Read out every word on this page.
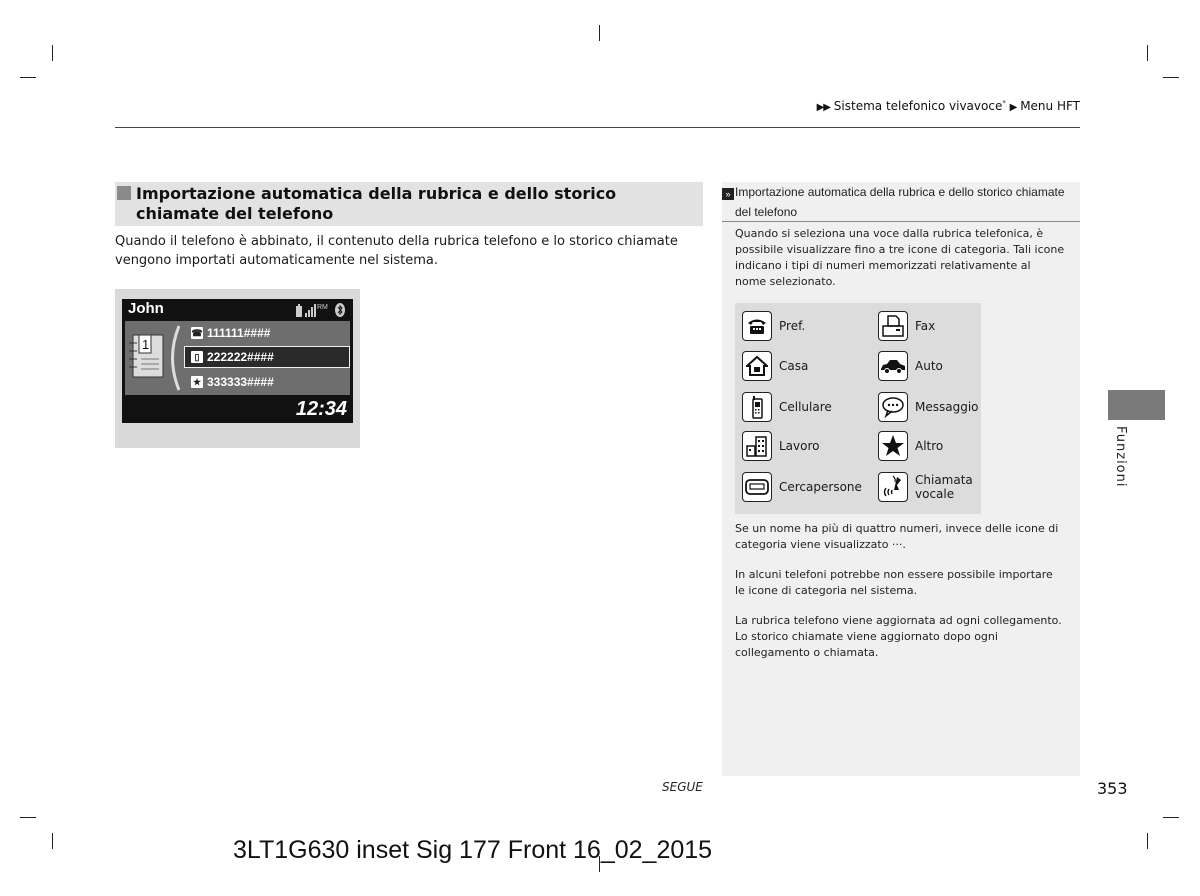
▶▶ Sistema telefonico vivavoce* ▶ Menu HFT
Importazione automatica della rubrica e dello storico chiamate del telefono
Quando il telefono è abbinato, il contenuto della rubrica telefono e lo storico chiamate vengono importati automaticamente nel sistema.
John	RM
1
☎ 111111####
▯ 222222####
★ 333333####
12:34
» Importazione automatica della rubrica e dello storico chiamate
del telefono
Quando si seleziona una voce dalla rubrica telefonica, è possibile visualizzare fino a tre icone di categoria. Tali icone indicano i tipi di numeri memorizzati relativamente al nome selezionato.
Pref.
Casa
Cellulare
Lavoro
Cercapersone
Fax
Auto
Messaggio
Altro
Chiamata vocale
Se un nome ha più di quattro numeri, invece delle icone di categoria viene visualizzato ···.
In alcuni telefoni potrebbe non essere possibile importare le icone di categoria nel sistema.
La rubrica telefono viene aggiornata ad ogni collegamento. Lo storico chiamate viene aggiornato dopo ogni collegamento o chiamata.
Funzioni
SEGUE	353
3LT1G630 inset Sig 177 Front 16_02_2015
